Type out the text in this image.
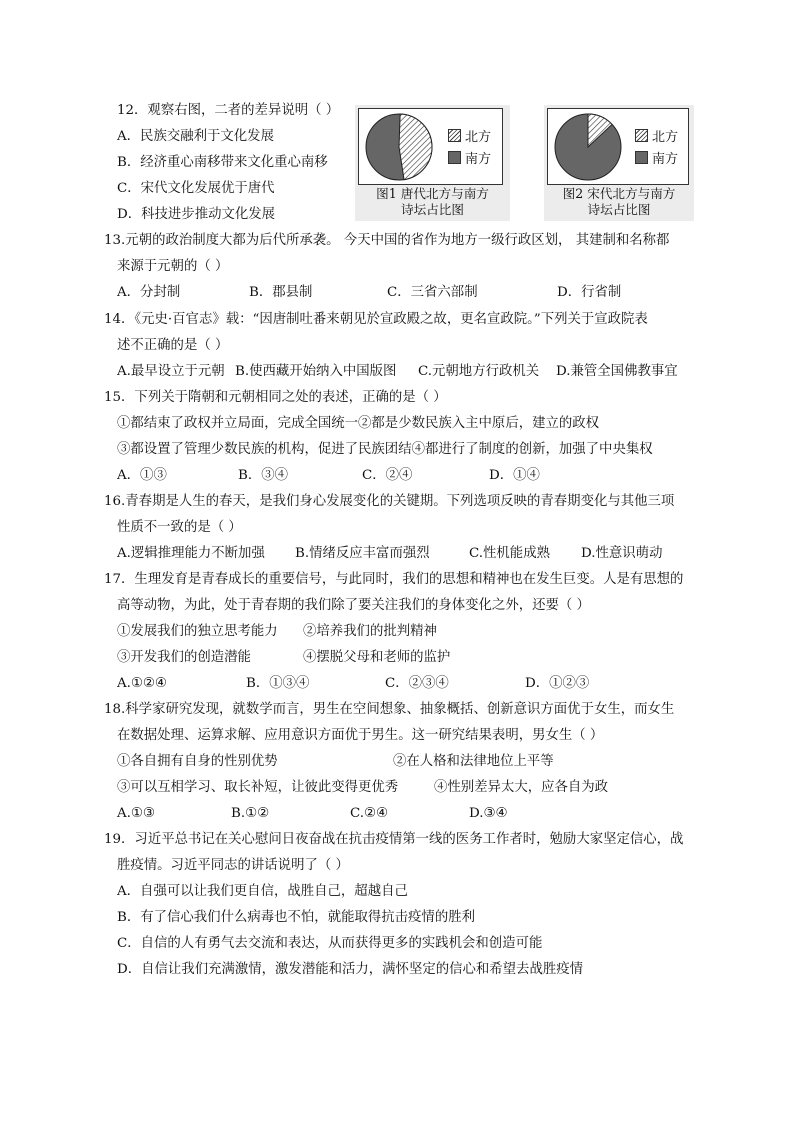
12．观察右图，二者的差异说明（ ）
A．民族交融利于文化发展
B．经济重心南移带来文化重心南移
C．宋代文化发展优于唐代
D．科技进步推动文化发展
北方
南方
图1 唐代北方与南方
诗坛占比图
北方
南方
图2 宋代北方与南方
诗坛占比图
13.元朝的政治制度大都为后代所承袭。 今天中国的省作为地方一级行政区划， 其建制和名称都
来源于元朝的（ ）
A．分封制	B．郡县制	C．三省六部制	D．行省制
14．《元史·百官志》载：“因唐制吐番来朝见於宣政殿之故，更名宣政院。”下列关于宣政院表
述不正确的是（ ）
A.最早设立于元朝 B.使西藏开始纳入中国版图 C.元朝地方行政机关 D.兼管全国佛教事宜
15．下列关于隋朝和元朝相同之处的表述，正确的是（ ）
①都结束了政权并立局面，完成全国统一②都是少数民族入主中原后，建立的政权
③都设置了管理少数民族的机构，促进了民族团结④都进行了制度的创新，加强了中央集权
A．①③	B．③④	C．②④	D．①④
16.青春期是人生的春天，是我们身心发展变化的关键期。下列选项反映的青春期变化与其他三项
性质不一致的是（ ）
A.逻辑推理能力不断加强 B.情绪反应丰富而强烈	C.性机能成熟 D.性意识萌动
17．生理发育是青春成长的重要信号，与此同时，我们的思想和精神也在发生巨变。人是有思想的
高等动物，为此，处于青春期的我们除了要关注我们的身体变化之外，还要（ ）
①发展我们的独立思考能力 ②培养我们的批判精神
③开发我们的创造潜能	④摆脱父母和老师的监护
A.①②④	B．①③④	C．②③④	D．①②③
18.科学家研究发现，就数学而言，男生在空间想象、抽象概括、创新意识方面优于女生，而女生
在数据处理、运算求解、应用意识方面优于男生。这一研究结果表明，男女生（ ）
①各自拥有自身的性别优势	②在人格和法律地位上平等
③可以互相学习、取长补短，让彼此变得更优秀	④性别差异太大，应各自为政
A.①③	B.①②	C.②④	D.③④
19．习近平总书记在关心慰问日夜奋战在抗击疫情第一线的医务工作者时，勉励大家坚定信心，战
胜疫情。习近平同志的讲话说明了（ ）
A．自强可以让我们更自信，战胜自己，超越自己
B．有了信心我们什么病毒也不怕，就能取得抗击疫情的胜利
C．自信的人有勇气去交流和表达，从而获得更多的实践机会和创造可能
D．自信让我们充满激情，激发潜能和活力，满怀坚定的信心和希望去战胜疫情
